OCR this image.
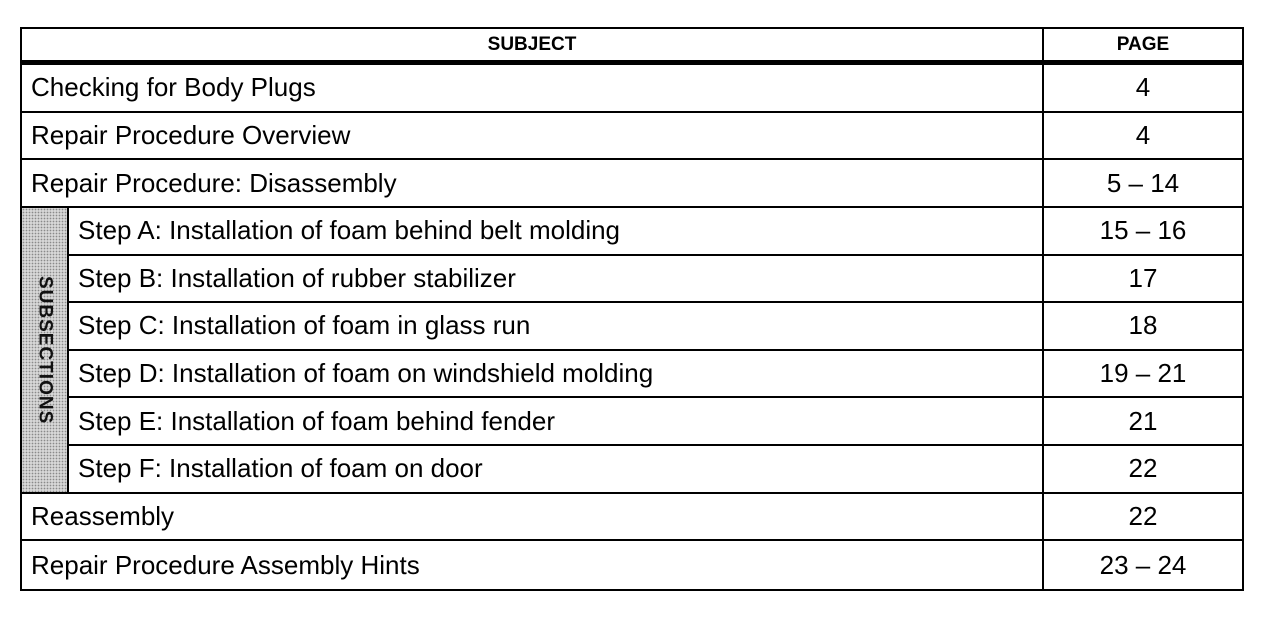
SUBJECT	PAGE
Checking for Body Plugs	4
Repair Procedure Overview	4
Repair Procedure: Disassembly	5 – 14
SUBSECTIONS
Step A: Installation of foam behind belt molding	15 – 16
Step B: Installation of rubber stabilizer	17
Step C: Installation of foam in glass run	18
Step D: Installation of foam on windshield molding	19 – 21
Step E: Installation of foam behind fender	21
Step F: Installation of foam on door	22
Reassembly	22
Repair Procedure Assembly Hints	23 – 24
